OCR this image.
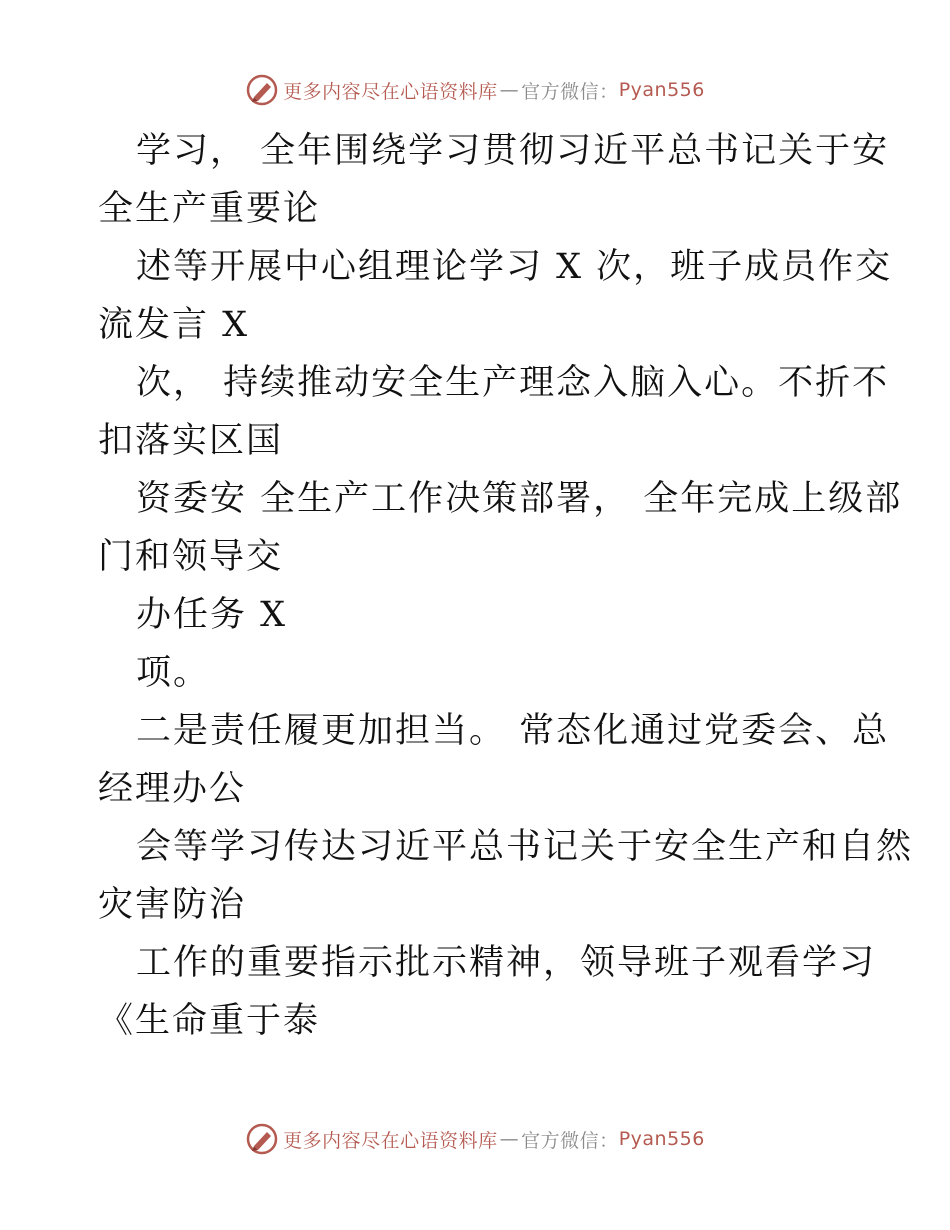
更多内容尽在心语资料库 — 官方微信： Pyan556
学习， 全年围绕学习贯彻习近平总书记关于安
全生产重要论
述等开展中心组理论学习 X 次，班子成员作交
流发言 X
次， 持续推动安全生产理念入脑入心。不折不
扣落实区国
资委安 全生产工作决策部署， 全年完成上级部
门和领导交
办任务 X
项。
二是责任履更加担当。 常态化通过党委会、总
经理办公
会等学习传达习近平总书记关于安全生产和自然
灾害防治
工作的重要指示批示精神，领导班子观看学习
《生命重于泰
更多内容尽在心语资料库 — 官方微信： Pyan556
